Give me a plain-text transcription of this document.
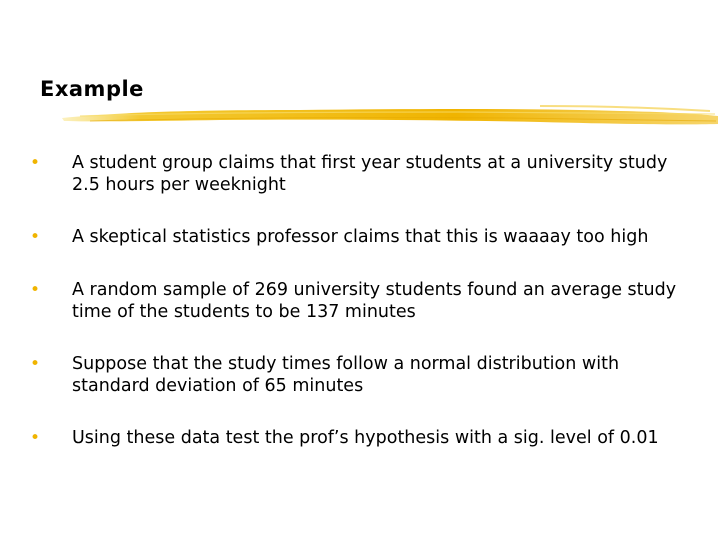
Example
• A student group claims that first year students at a university study 2.5 hours per weeknight
• A skeptical statistics professor claims that this is waaaay too high
• A random sample of 269 university students found an average study time of the students to be 137 minutes
• Suppose that the study times follow a normal distribution with standard deviation of 65 minutes
• Using these data test the prof’s hypothesis with a sig. level of 0.01
